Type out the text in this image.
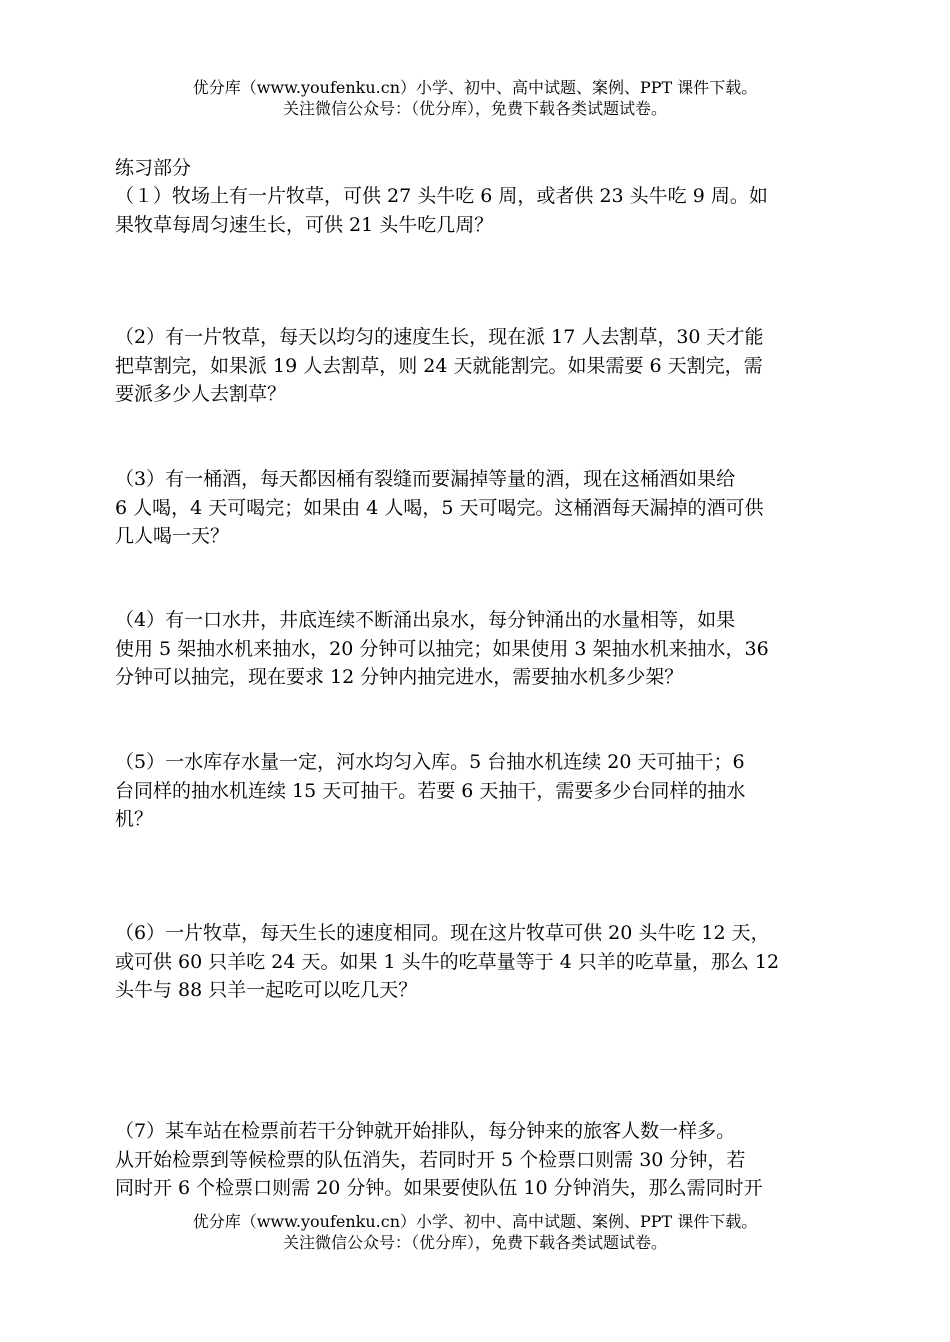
优分库（www.youfenku.cn）小学、初中、高中试题、案例、PPT 课件下载。
关注微信公众号：（优分库），免费下载各类试题试卷。
练习部分
（１）牧场上有一片牧草，可供 27 头牛吃 6 周，或者供 23 头牛吃 9 周。如
果牧草每周匀速生长，可供 21 头牛吃几周？
（2）有一片牧草，每天以均匀的速度生长，现在派 17 人去割草，30 天才能
把草割完，如果派 19 人去割草，则 24 天就能割完。如果需要 6 天割完，需
要派多少人去割草？
（3）有一桶酒，每天都因桶有裂缝而要漏掉等量的酒，现在这桶酒如果给
6 人喝，4 天可喝完；如果由 4 人喝，5 天可喝完。这桶酒每天漏掉的酒可供
几人喝一天？
（4）有一口水井，井底连续不断涌出泉水，每分钟涌出的水量相等，如果
使用 5 架抽水机来抽水，20 分钟可以抽完；如果使用 3 架抽水机来抽水，36
分钟可以抽完，现在要求 12 分钟内抽完进水，需要抽水机多少架？
（5）一水库存水量一定，河水均匀入库。5 台抽水机连续 20 天可抽干；6
台同样的抽水机连续 15 天可抽干。若要 6 天抽干，需要多少台同样的抽水
机？
（6）一片牧草，每天生长的速度相同。现在这片牧草可供 20 头牛吃 12 天，
或可供 60 只羊吃 24 天。如果 1 头牛的吃草量等于 4 只羊的吃草量，那么 12
头牛与 88 只羊一起吃可以吃几天？
（7）某车站在检票前若干分钟就开始排队，每分钟来的旅客人数一样多。
从开始检票到等候检票的队伍消失，若同时开 5 个检票口则需 30 分钟，若
同时开 6 个检票口则需 20 分钟。如果要使队伍 10 分钟消失，那么需同时开
优分库（www.youfenku.cn）小学、初中、高中试题、案例、PPT 课件下载。
关注微信公众号：（优分库），免费下载各类试题试卷。
